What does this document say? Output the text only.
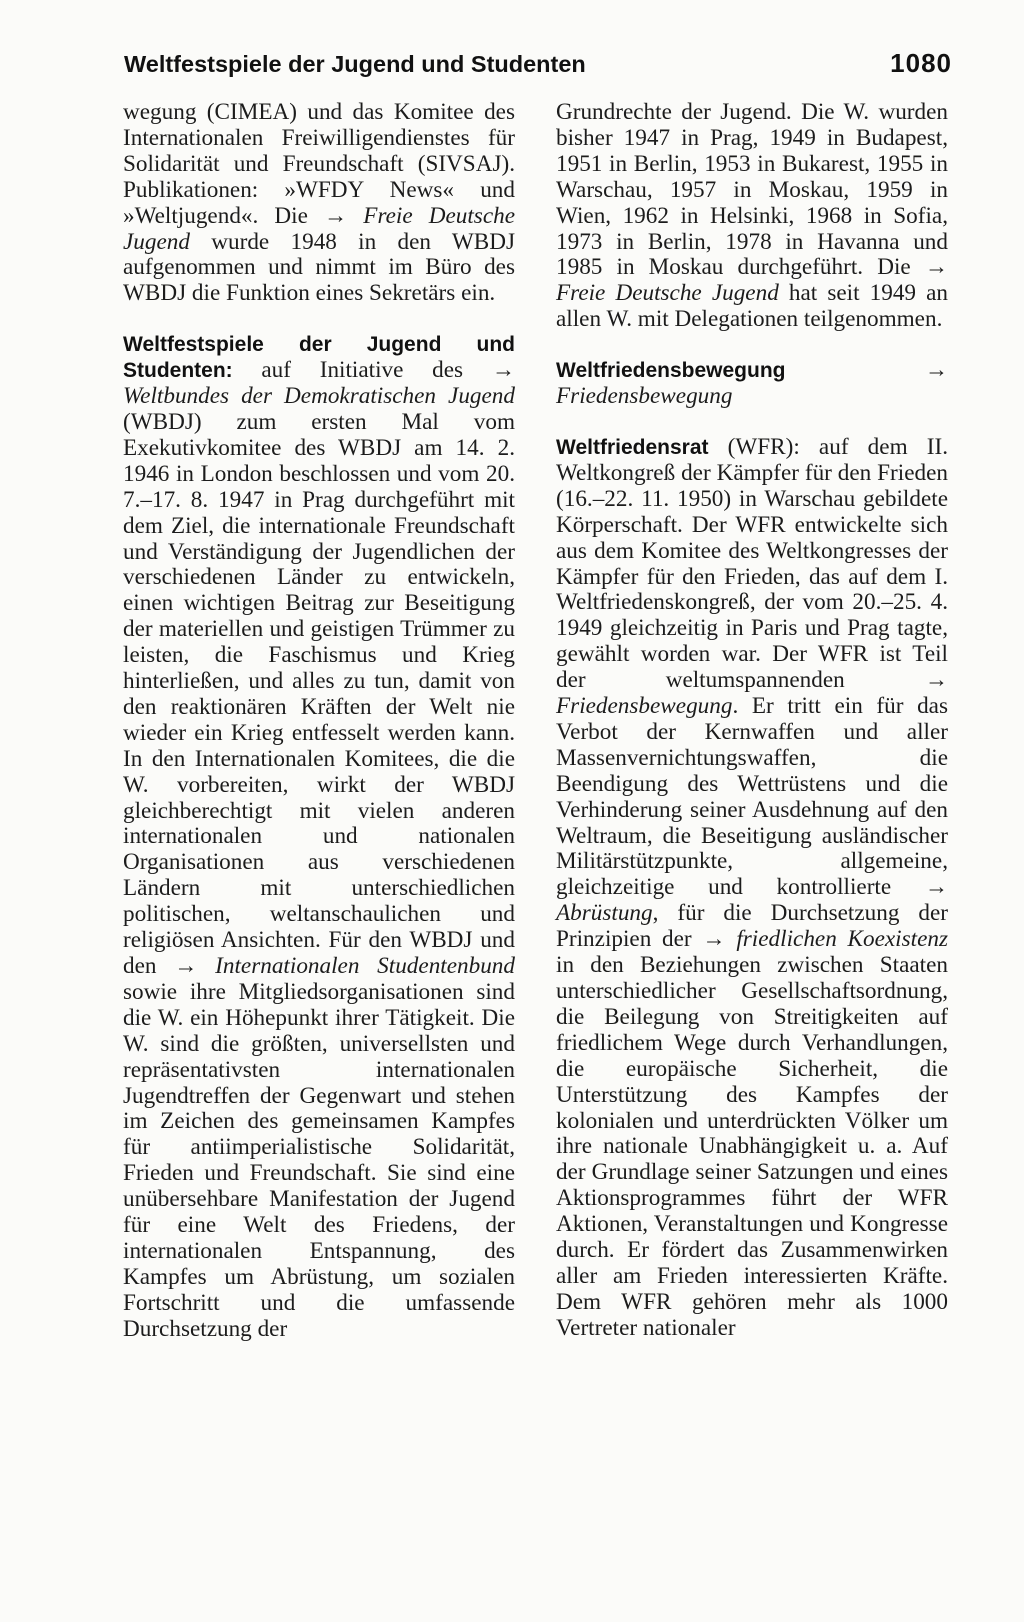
Weltfestspiele der Jugend und Studenten	1080

wegung (CIMEA) und das Komitee des Internationalen Freiwilligendienstes für Solidarität und Freundschaft (SIVSAJ). Publikationen: »WFDY News« und »Weltjugend«. Die → Freie Deutsche Jugend wurde 1948 in den WBDJ aufgenommen und nimmt im Büro des WBDJ die Funktion eines Sekretärs ein.

Weltfestspiele der Jugend und Studenten: auf Initiative des → Weltbundes der Demokratischen Jugend (WBDJ) zum ersten Mal vom Exekutivkomitee des WBDJ am 14. 2. 1946 in London beschlossen und vom 20. 7.–17. 8. 1947 in Prag durchgeführt mit dem Ziel, die internationale Freundschaft und Verständigung der Jugendlichen der verschiedenen Länder zu entwickeln, einen wichtigen Beitrag zur Beseitigung der materiellen und geistigen Trümmer zu leisten, die Faschismus und Krieg hinterließen, und alles zu tun, damit von den reaktionären Kräften der Welt nie wieder ein Krieg entfesselt werden kann. In den Internationalen Komitees, die die W. vorbereiten, wirkt der WBDJ gleichberechtigt mit vielen anderen internationalen und nationalen Organisationen aus verschiedenen Ländern mit unterschiedlichen politischen, weltanschaulichen und religiösen Ansichten. Für den WBDJ und den → Internationalen Studentenbund sowie ihre Mitgliedsorganisationen sind die W. ein Höhepunkt ihrer Tätigkeit. Die W. sind die größten, universellsten und repräsentativsten internationalen Jugendtreffen der Gegenwart und stehen im Zeichen des gemeinsamen Kampfes für antiimperialistische Solidarität, Frieden und Freundschaft. Sie sind eine unübersehbare Manifestation der Jugend für eine Welt des Friedens, der internationalen Entspannung, des Kampfes um Abrüstung, um sozialen Fortschritt und die umfassende Durchsetzung der

Grundrechte der Jugend. Die W. wurden bisher 1947 in Prag, 1949 in Budapest, 1951 in Berlin, 1953 in Bukarest, 1955 in Warschau, 1957 in Moskau, 1959 in Wien, 1962 in Helsinki, 1968 in Sofia, 1973 in Berlin, 1978 in Havanna und 1985 in Moskau durchgeführt. Die → Freie Deutsche Jugend hat seit 1949 an allen W. mit Delegationen teilgenommen.

Weltfriedensbewegung	→ Friedensbewegung

Weltfriedensrat (WFR): auf dem II. Weltkongreß der Kämpfer für den Frieden (16.–22. 11. 1950) in Warschau gebildete Körperschaft. Der WFR entwickelte sich aus dem Komitee des Weltkongresses der Kämpfer für den Frieden, das auf dem I. Weltfriedenskongreß, der vom 20.–25. 4. 1949 gleichzeitig in Paris und Prag tagte, gewählt worden war. Der WFR ist Teil der weltumspannenden → Friedensbewegung. Er tritt ein für das Verbot der Kernwaffen und aller Massenvernichtungswaffen, die Beendigung des Wettrüstens und die Verhinderung seiner Ausdehnung auf den Weltraum, die Beseitigung ausländischer Militärstützpunkte, allgemeine, gleichzeitige und kontrollierte → Abrüstung, für die Durchsetzung der Prinzipien der → friedlichen Koexistenz in den Beziehungen zwischen Staaten unterschiedlicher Gesellschaftsordnung, die Beilegung von Streitigkeiten auf friedlichem Wege durch Verhandlungen, die europäische Sicherheit, die Unterstützung des Kampfes der kolonialen und unterdrückten Völker um ihre nationale Unabhängigkeit u. a. Auf der Grundlage seiner Satzungen und eines Aktionsprogrammes führt der WFR Aktionen, Veranstaltungen und Kongresse durch. Er fördert das Zusammenwirken aller am Frieden interessierten Kräfte. Dem WFR gehören mehr als 1000 Vertreter nationaler
